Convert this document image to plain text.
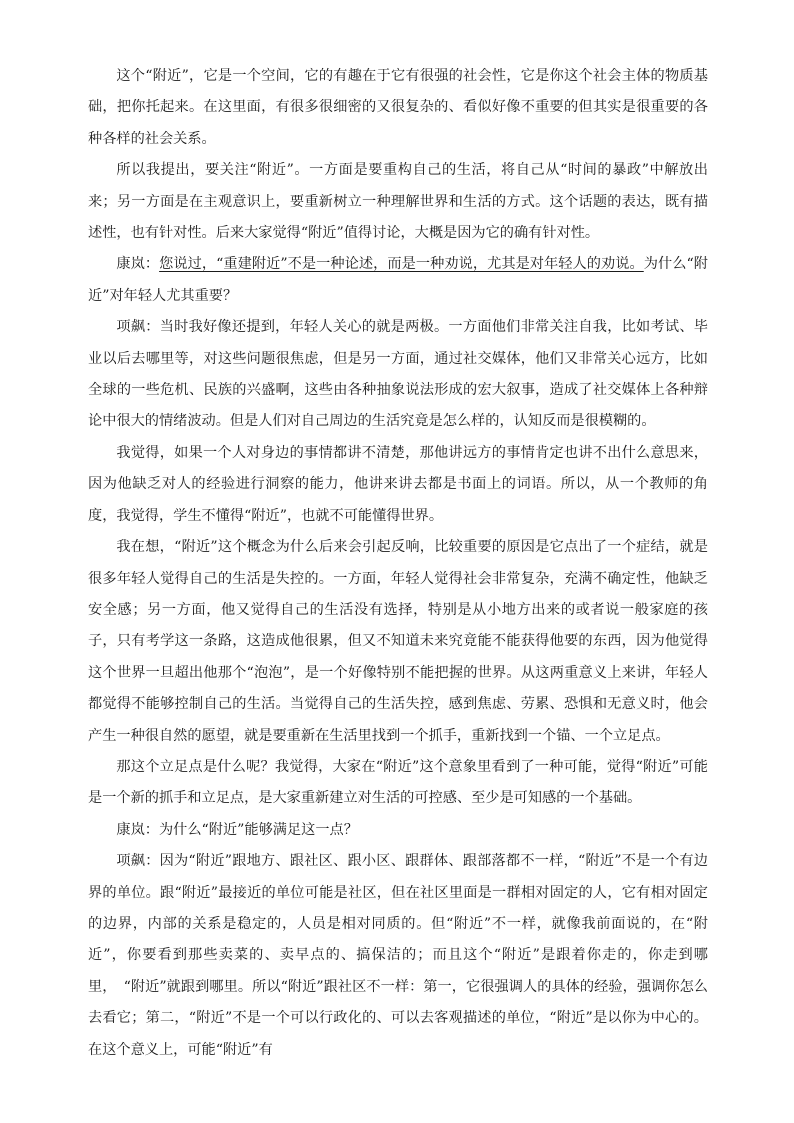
这个“附近”，它是一个空间，它的有趣在于它有很强的社会性，它是你这个社会主体的物质基础，把你托起来。在这里面，有很多很细密的又很复杂的、看似好像不重要的但其实是很重要的各种各样的社会关系。

所以我提出，要关注“附近”。一方面是要重构自己的生活，将自己从“时间的暴政”中解放出来；另一方面是在主观意识上，要重新树立一种理解世界和生活的方式。这个话题的表达，既有描述性，也有针对性。后来大家觉得“附近”值得讨论，大概是因为它的确有针对性。

康岚：您说过，“重建附近”不是一种论述，而是一种劝说，尤其是对年轻人的劝说。为什么“附近”对年轻人尤其重要？

项飙：当时我好像还提到，年轻人关心的就是两极。一方面他们非常关注自我，比如考试、毕业以后去哪里等，对这些问题很焦虑，但是另一方面，通过社交媒体，他们又非常关心远方，比如全球的一些危机、民族的兴盛啊，这些由各种抽象说法形成的宏大叙事，造成了社交媒体上各种辩论中很大的情绪波动。但是人们对自己周边的生活究竟是怎么样的，认知反而是很模糊的。

我觉得，如果一个人对身边的事情都讲不清楚，那他讲远方的事情肯定也讲不出什么意思来，因为他缺乏对人的经验进行洞察的能力，他讲来讲去都是书面上的词语。所以，从一个教师的角度，我觉得，学生不懂得“附近”，也就不可能懂得世界。

我在想，“附近”这个概念为什么后来会引起反响，比较重要的原因是它点出了一个症结，就是很多年轻人觉得自己的生活是失控的。一方面，年轻人觉得社会非常复杂，充满不确定性，他缺乏安全感；另一方面，他又觉得自己的生活没有选择，特别是从小地方出来的或者说一般家庭的孩子，只有考学这一条路，这造成他很累，但又不知道未来究竟能不能获得他要的东西，因为他觉得这个世界一旦超出他那个“泡泡”，是一个好像特别不能把握的世界。从这两重意义上来讲，年轻人都觉得不能够控制自己的生活。当觉得自己的生活失控，感到焦虑、劳累、恐惧和无意义时，他会产生一种很自然的愿望，就是要重新在生活里找到一个抓手，重新找到一个锚、一个立足点。

那这个立足点是什么呢？我觉得，大家在“附近”这个意象里看到了一种可能，觉得“附近”可能是一个新的抓手和立足点，是大家重新建立对生活的可控感、至少是可知感的一个基础。

康岚：为什么“附近”能够满足这一点？

项飙：因为“附近”跟地方、跟社区、跟小区、跟群体、跟部落都不一样，“附近”不是一个有边界的单位。跟“附近”最接近的单位可能是社区，但在社区里面是一群相对固定的人，它有相对固定的边界，内部的关系是稳定的，人员是相对同质的。但“附近”不一样，就像我前面说的，在“附近”，你要看到那些卖菜的、卖早点的、搞保洁的；而且这个“附近”是跟着你走的，你走到哪里，　“附近”就跟到哪里。所以“附近”跟社区不一样：第一，它很强调人的具体的经验，强调你怎么去看它；第二，“附近”不是一个可以行政化的、可以去客观描述的单位，“附近”是以你为中心的。在这个意义上，可能“附近”有
